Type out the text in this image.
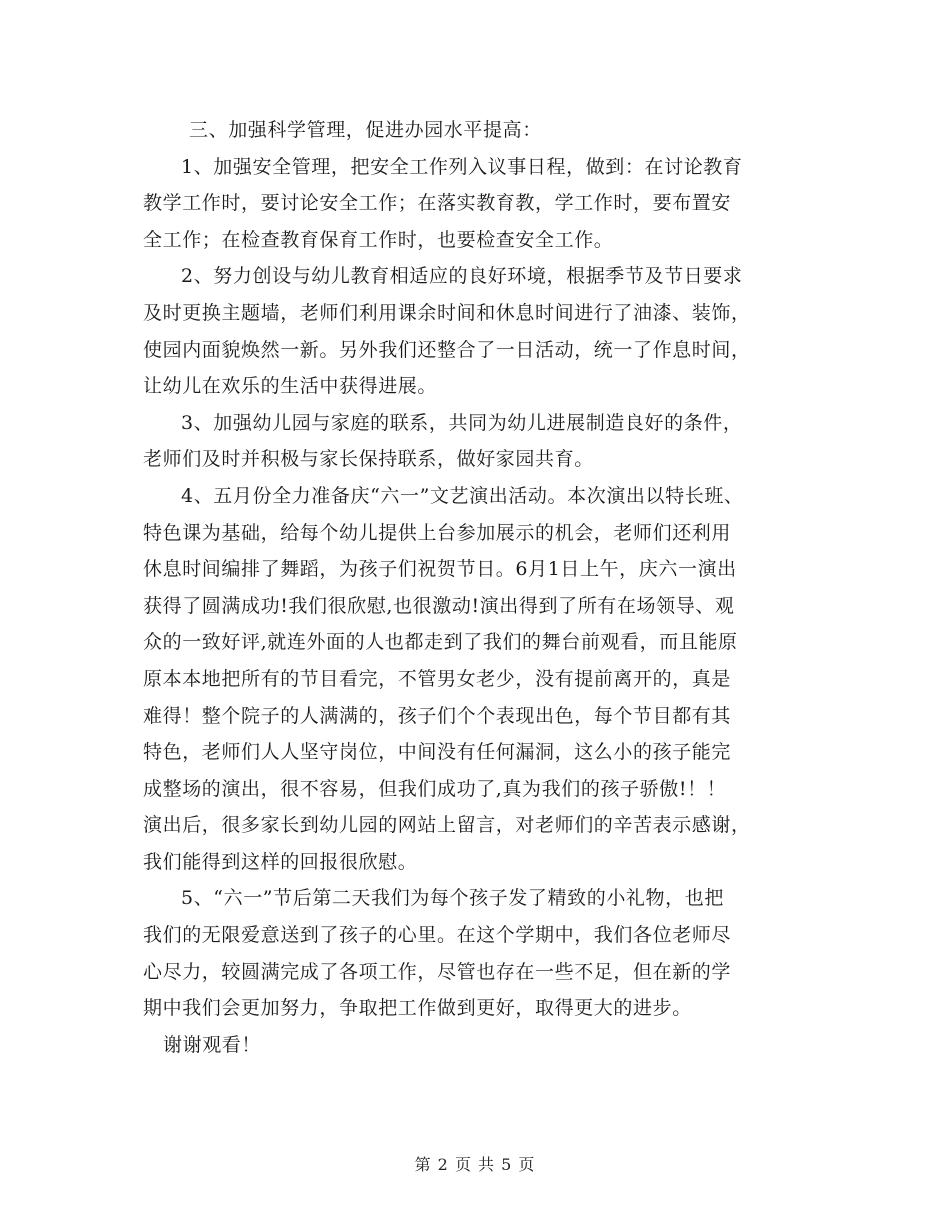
三、加强科学管理，促进办园水平提高：
1、加强安全管理，把安全工作列入议事日程，做到：在讨论教育
教学工作时，要讨论安全工作；在落实教育教，学工作时，要布置安
全工作；在检查教育保育工作时，也要检查安全工作。
2、努力创设与幼儿教育相适应的良好环境，根据季节及节日要求
及时更换主题墙，老师们利用课余时间和休息时间进行了油漆、装饰，
使园内面貌焕然一新。另外我们还整合了一日活动，统一了作息时间，
让幼儿在欢乐的生活中获得进展。
3、加强幼儿园与家庭的联系，共同为幼儿进展制造良好的条件，
老师们及时并积极与家长保持联系，做好家园共育。
4、五月份全力准备庆“六一”文艺演出活动。本次演出以特长班、
特色课为基础，给每个幼儿提供上台参加展示的机会，老师们还利用
休息时间编排了舞蹈，为孩子们祝贺节日。6月1日上午，庆六一演出
获得了圆满成功!我们很欣慰,也很激动!演出得到了所有在场领导、观
众的一致好评,就连外面的人也都走到了我们的舞台前观看，而且能原
原本本地把所有的节目看完，不管男女老少，没有提前离开的，真是
难得！整个院子的人满满的，孩子们个个表现出色，每个节目都有其
特色，老师们人人坚守岗位，中间没有任何漏洞，这么小的孩子能完
成整场的演出，很不容易，但我们成功了,真为我们的孩子骄傲!！！
演出后，很多家长到幼儿园的网站上留言，对老师们的辛苦表示感谢，
我们能得到这样的回报很欣慰。
5、“六一”节后第二天我们为每个孩子发了精致的小礼物，也把
我们的无限爱意送到了孩子的心里。在这个学期中，我们各位老师尽
心尽力，较圆满完成了各项工作，尽管也存在一些不足，但在新的学
期中我们会更加努力，争取把工作做到更好，取得更大的进步。
谢谢观看！
第 2 页 共 5 页
